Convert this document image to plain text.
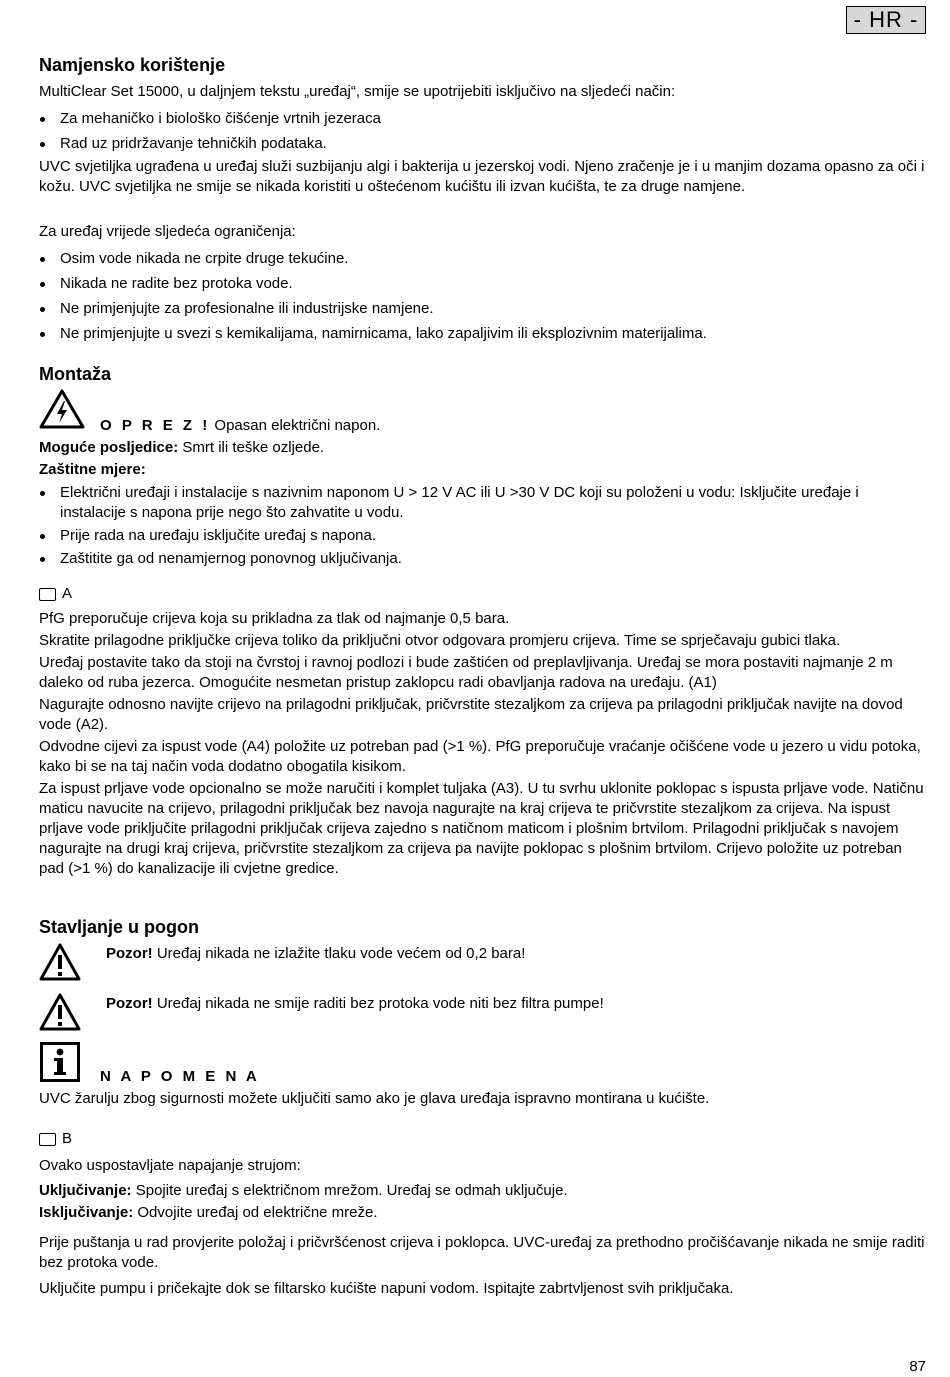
- HR -
Namjensko korištenje

MultiClear Set 15000, u daljnjem tekstu „uređaj“, smije se upotrijebiti isključivo na sljedeći način:

Za mehaničko i biološko čišćenje vrtnih jezeraca
Rad uz pridržavanje tehničkih podataka.

UVC svjetiljka ugrađena u uređaj služi suzbijanju algi i bakterija u jezerskoj vodi. Njeno zračenje je i u manjim dozama opasno za oči i kožu. UVC svjetiljka ne smije se nikada koristiti u oštećenom kućištu ili izvan kućišta, te za druge namjene.

Za uređaj vrijede sljedeća ograničenja:

Osim vode nikada ne crpite druge tekućine.
Nikada ne radite bez protoka vode.
Ne primjenjujte za profesionalne ili industrijske namjene.
Ne primjenjujte u svezi s kemikalijama, namirnicama, lako zapaljivim ili eksplozivnim materijalima.
Montaža

O P R E Z ! Opasan električni napon.

Moguće posljedice: Smrt ili teške ozljede.

Zaštitne mjere:

Električni uređaji i instalacije s nazivnim naponom U > 12 V AC ili U >30 V DC koji su položeni u vodu: Isključite uređaje i instalacije s napona prije nego što zahvatite u vodu.
Prije rada na uređaju isključite uređaj s napona.
Zaštitite ga od nenamjernog ponovnog uključivanja.
A

PfG preporučuje crijeva koja su prikladna za tlak od najmanje 0,5 bara.

Skratite prilagodne priključke crijeva toliko da priključni otvor odgovara promjeru crijeva. Time se sprječavaju gubici tlaka.

Uređaj postavite tako da stoji na čvrstoj i ravnoj podlozi i bude zaštićen od preplavljivanja. Uređaj se mora postaviti najmanje 2 m daleko od ruba jezerca. Omogućite nesmetan pristup zaklopcu radi obavljanja radova na uređaju. (A1)

Nagurajte odnosno navijte crijevo na prilagodni priključak, pričvrstite stezaljkom za crijeva pa prilagodni priključak navijte na dovod vode (A2).

Odvodne cijevi za ispust vode (A4) položite uz potreban pad (>1 %). PfG preporučuje vraćanje očišćene vode u jezero u vidu potoka, kako bi se na taj način voda dodatno obogatila kisikom.

Za ispust prljave vode opcionalno se može naručiti i komplet tuljaka (A3). U tu svrhu uklonite poklopac s ispusta prljave vode. Natičnu maticu navucite na crijevo, prilagodni priključak bez navoja nagurajte na kraj crijeva te pričvrstite stezaljkom za crijeva. Na ispust prljave vode priključite prilagodni priključak crijeva zajedno s natičnom maticom i plošnim brtvilom. Prilagodni priključak s navojem nagurajte na drugi kraj crijeva, pričvrstite stezaljkom za crijeva pa navijte poklopac s plošnim brtvilom. Crijevo položite uz potreban pad (>1 %) do kanalizacije ili cvjetne gredice.

Stavljanje u pogon

Pozor! Uređaj nikada ne izlažite tlaku vode većem od 0,2 bara!

Pozor! Uređaj nikada ne smije raditi bez protoka vode niti bez filtra pumpe!

N A P O M E N A

UVC žarulju zbog sigurnosti možete uključiti samo ako je glava uređaja ispravno montirana u kućište.

B

Ovako uspostavljate napajanje strujom:

Uključivanje: Spojite uređaj s električnom mrežom. Uređaj se odmah uključuje.

Isključivanje: Odvojite uređaj od električne mreže.

Prije puštanja u rad provjerite položaj i pričvršćenost crijeva i poklopca. UVC-uređaj za prethodno pročišćavanje nikada ne smije raditi bez protoka vode.

Uključite pumpu i pričekajte dok se filtarsko kućište napuni vodom. Ispitajte zabrtvljenost svih priključaka.

87
